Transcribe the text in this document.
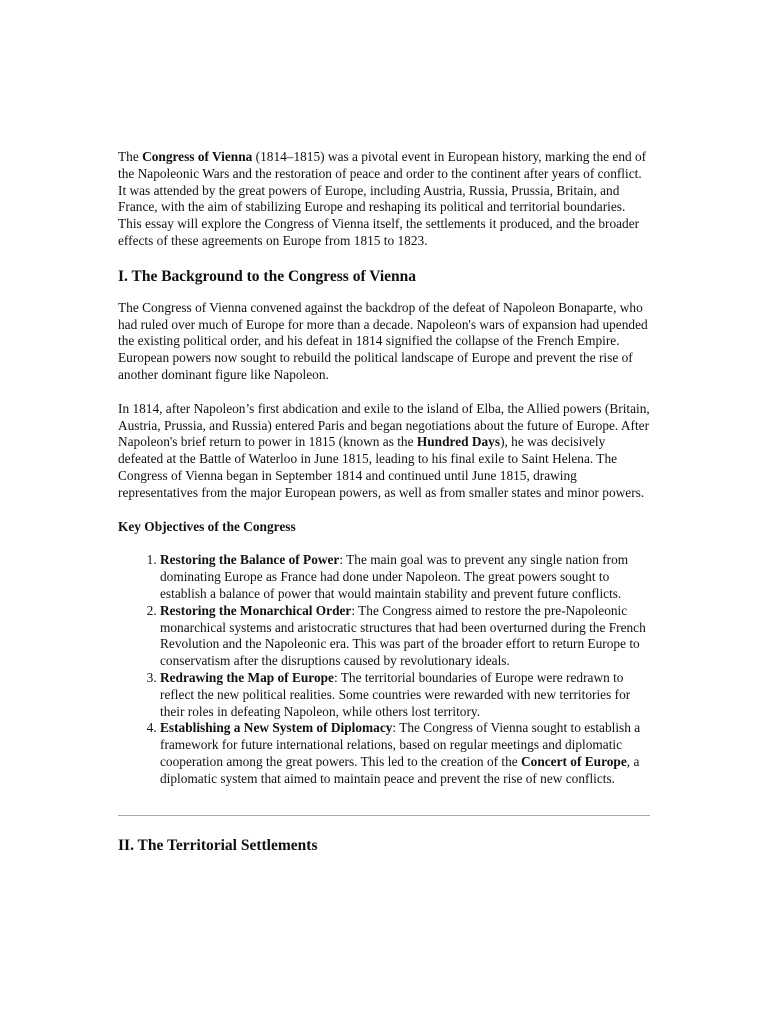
The Congress of Vienna (1814–1815) was a pivotal event in European history, marking the end of the Napoleonic Wars and the restoration of peace and order to the continent after years of conflict. It was attended by the great powers of Europe, including Austria, Russia, Prussia, Britain, and France, with the aim of stabilizing Europe and reshaping its political and territorial boundaries. This essay will explore the Congress of Vienna itself, the settlements it produced, and the broader effects of these agreements on Europe from 1815 to 1823.

I. The Background to the Congress of Vienna

The Congress of Vienna convened against the backdrop of the defeat of Napoleon Bonaparte, who had ruled over much of Europe for more than a decade. Napoleon's wars of expansion had upended the existing political order, and his defeat in 1814 signified the collapse of the French Empire. European powers now sought to rebuild the political landscape of Europe and prevent the rise of another dominant figure like Napoleon.

In 1814, after Napoleon’s first abdication and exile to the island of Elba, the Allied powers (Britain, Austria, Prussia, and Russia) entered Paris and began negotiations about the future of Europe. After Napoleon's brief return to power in 1815 (known as the Hundred Days), he was decisively defeated at the Battle of Waterloo in June 1815, leading to his final exile to Saint Helena. The Congress of Vienna began in September 1814 and continued until June 1815, drawing representatives from the major European powers, as well as from smaller states and minor powers.

Key Objectives of the Congress

1. Restoring the Balance of Power: The main goal was to prevent any single nation from dominating Europe as France had done under Napoleon. The great powers sought to establish a balance of power that would maintain stability and prevent future conflicts.
2. Restoring the Monarchical Order: The Congress aimed to restore the pre-Napoleonic monarchical systems and aristocratic structures that had been overturned during the French Revolution and the Napoleonic era. This was part of the broader effort to return Europe to conservatism after the disruptions caused by revolutionary ideals.
3. Redrawing the Map of Europe: The territorial boundaries of Europe were redrawn to reflect the new political realities. Some countries were rewarded with new territories for their roles in defeating Napoleon, while others lost territory.
4. Establishing a New System of Diplomacy: The Congress of Vienna sought to establish a framework for future international relations, based on regular meetings and diplomatic cooperation among the great powers. This led to the creation of the Concert of Europe, a diplomatic system that aimed to maintain peace and prevent the rise of new conflicts.
II. The Territorial Settlements
